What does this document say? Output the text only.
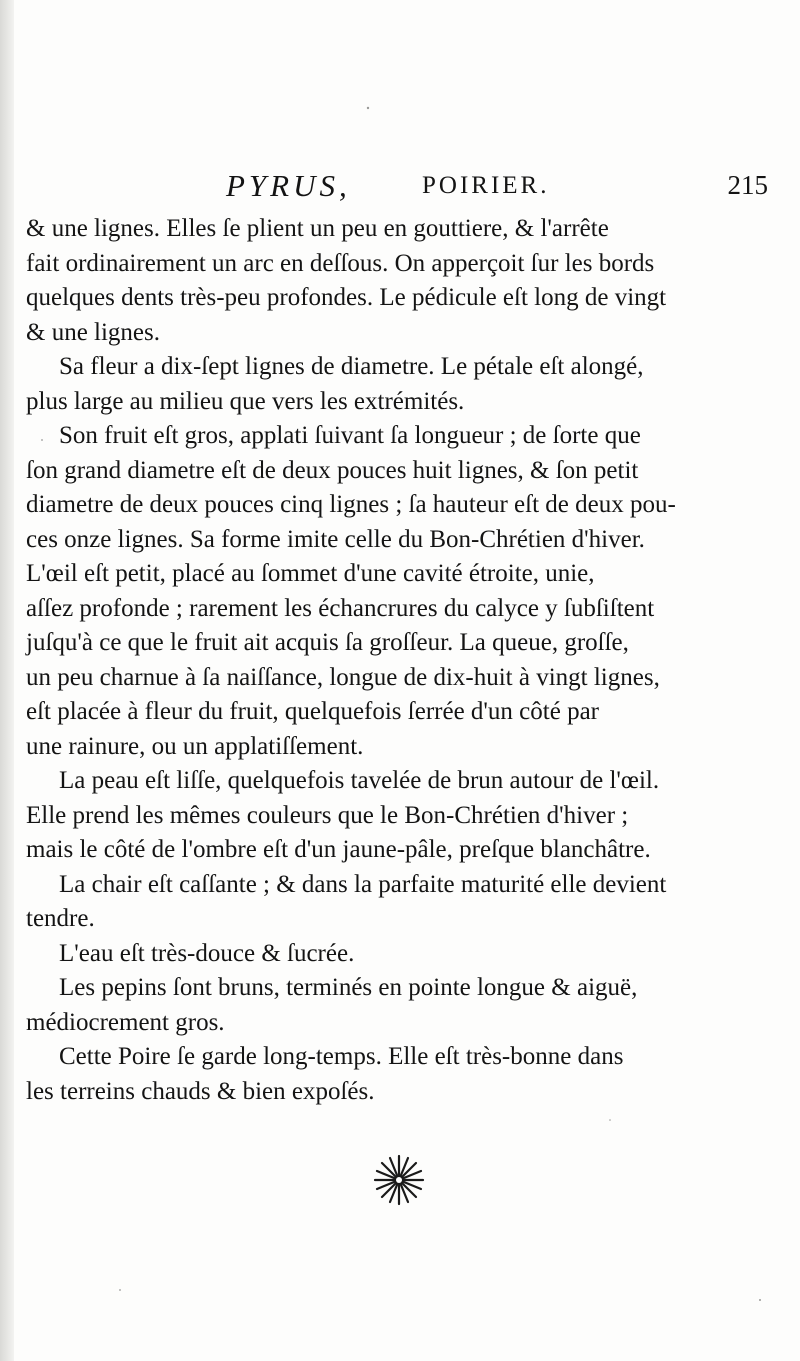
PYRUS,	POIRIER.	215
& une lignes. Elles ſe plient un peu en gouttiere, & l'arrête
fait ordinairement un arc en deſſous. On apperçoit ſur les bords
quelques dents très-peu profondes. Le pédicule eſt long de vingt
& une lignes.
Sa fleur a dix-ſept lignes de diametre. Le pétale eſt alongé,
plus large au milieu que vers les extrémités.
Son fruit eſt gros, applati ſuivant ſa longueur ; de ſorte que
ſon grand diametre eſt de deux pouces huit lignes, & ſon petit
diametre de deux pouces cinq lignes ; ſa hauteur eſt de deux pou-
ces onze lignes. Sa forme imite celle du Bon-Chrétien d'hiver.
L'œil eſt petit, placé au ſommet d'une cavité étroite, unie,
aſſez profonde ; rarement les échancrures du calyce y ſubſiſtent
juſqu'à ce que le fruit ait acquis ſa groſſeur. La queue, groſſe,
un peu charnue à ſa naiſſance, longue de dix-huit à vingt lignes,
eſt placée à fleur du fruit, quelquefois ſerrée d'un côté par
une rainure, ou un applatiſſement.
La peau eſt liſſe, quelquefois tavelée de brun autour de l'œil.
Elle prend les mêmes couleurs que le Bon-Chrétien d'hiver ;
mais le côté de l'ombre eſt d'un jaune-pâle, preſque blanchâtre.
La chair eſt caſſante ; & dans la parfaite maturité elle devient
tendre.
L'eau eſt très-douce & ſucrée.
Les pepins ſont bruns, terminés en pointe longue & aiguë,
médiocrement gros.
Cette Poire ſe garde long-temps. Elle eſt très-bonne dans
les terreins chauds & bien expoſés.
